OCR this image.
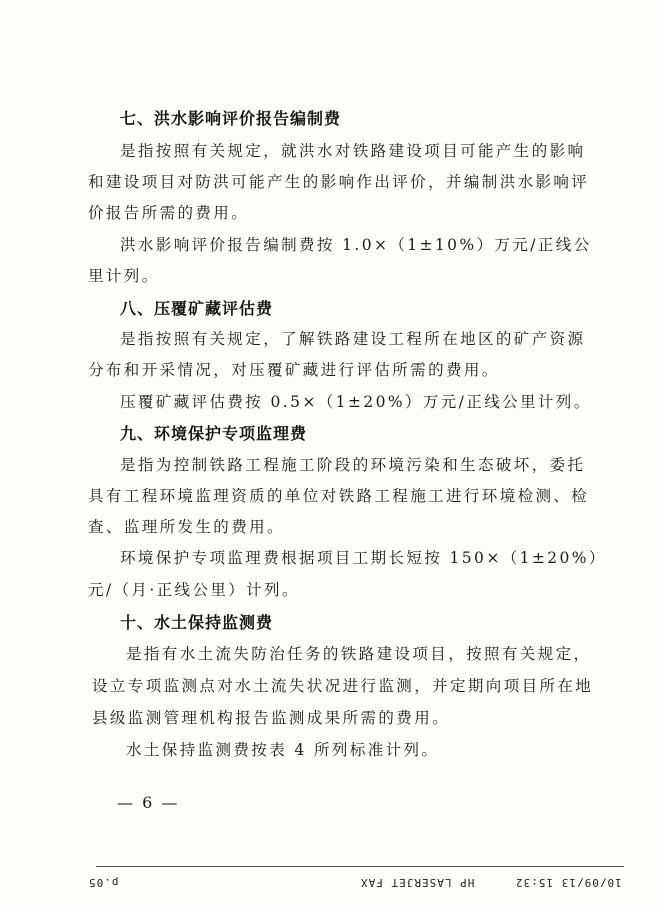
七、洪水影响评价报告编制费
是指按照有关规定，就洪水对铁路建设项目可能产生的影响
和建设项目对防洪可能产生的影响作出评价，并编制洪水影响评
价报告所需的费用。
洪水影响评价报告编制费按 1.0×（1±10%）万元/正线公
里计列。
八、压覆矿藏评估费
是指按照有关规定，了解铁路建设工程所在地区的矿产资源
分布和开采情况，对压覆矿藏进行评估所需的费用。
压覆矿藏评估费按 0.5×（1±20%）万元/正线公里计列。
九、环境保护专项监理费
是指为控制铁路工程施工阶段的环境污染和生态破坏，委托
具有工程环境监理资质的单位对铁路工程施工进行环境检测、检
查、监理所发生的费用。
环境保护专项监理费根据项目工期长短按 150×（1±20%）
元/（月·正线公里）计列。
十、水土保持监测费
是指有水土流失防治任务的铁路建设项目，按照有关规定，
设立专项监测点对水土流失状况进行监测，并定期向项目所在地
县级监测管理机构报告监测成果所需的费用。
水土保持监测费按表 4 所列标准计列。
— 6 —
10/09/13 15:32
HP LASERJET FAX
p.05
